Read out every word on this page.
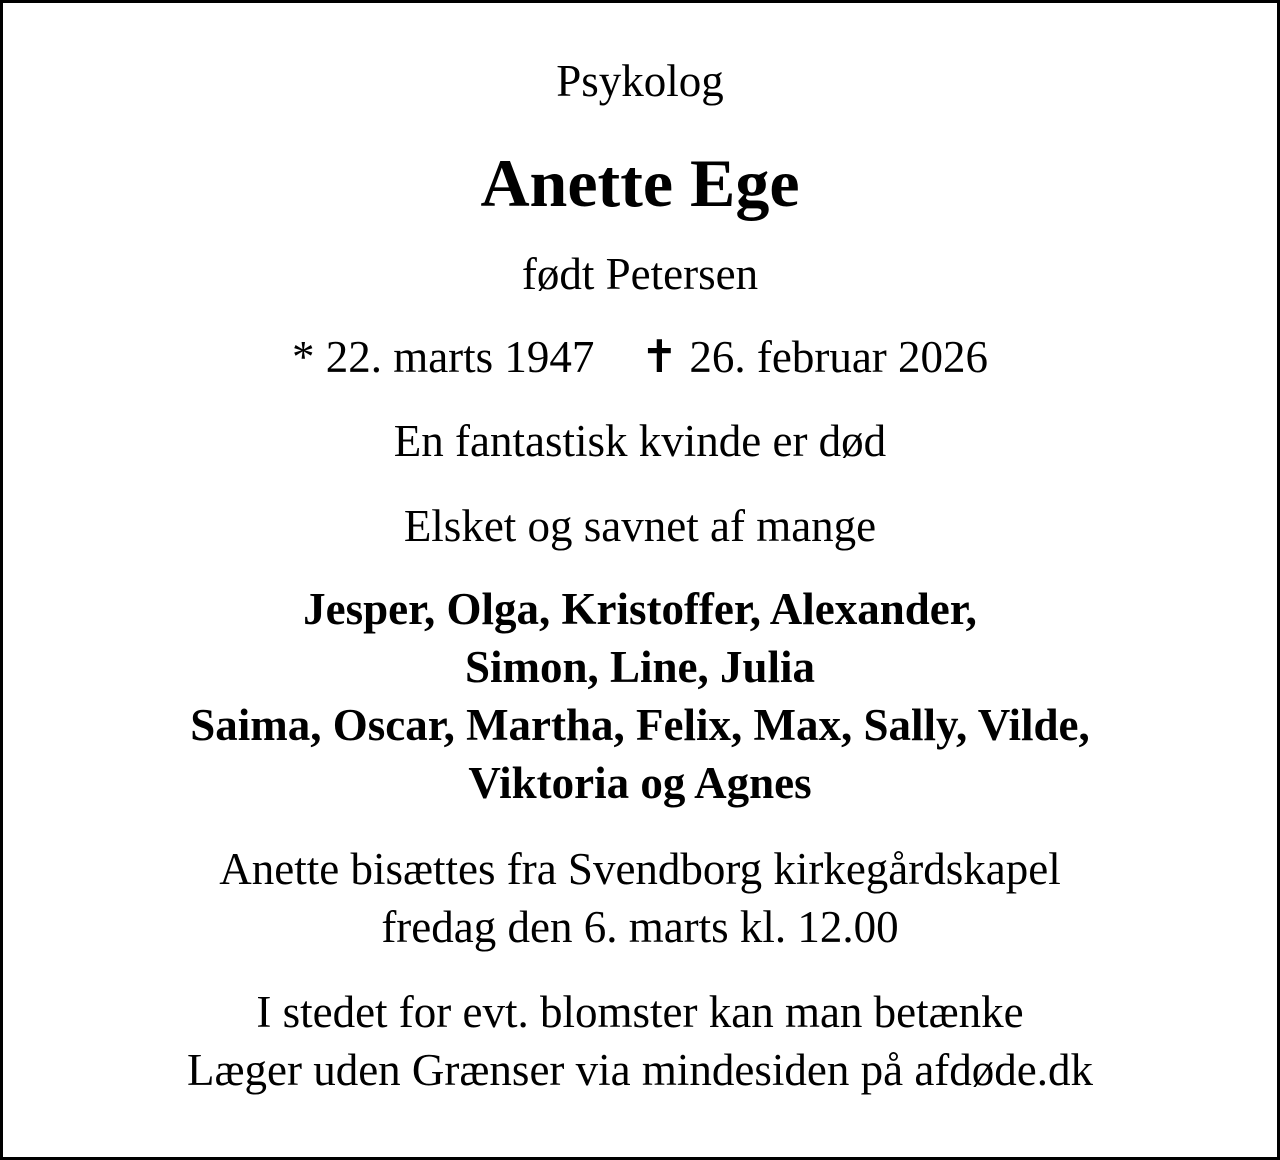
Psykolog
Anette Ege
født Petersen
* 22. marts 1947 ✝ 26. februar 2026
En fantastisk kvinde er død
Elsket og savnet af mange
Jesper, Olga, Kristoffer, Alexander,
Simon, Line, Julia
Saima, Oscar, Martha, Felix, Max, Sally, Vilde,
Viktoria og Agnes
Anette bisættes fra Svendborg kirkegårdskapel
fredag den 6. marts kl. 12.00
I stedet for evt. blomster kan man betænke
Læger uden Grænser via mindesiden på afdøde.dk
